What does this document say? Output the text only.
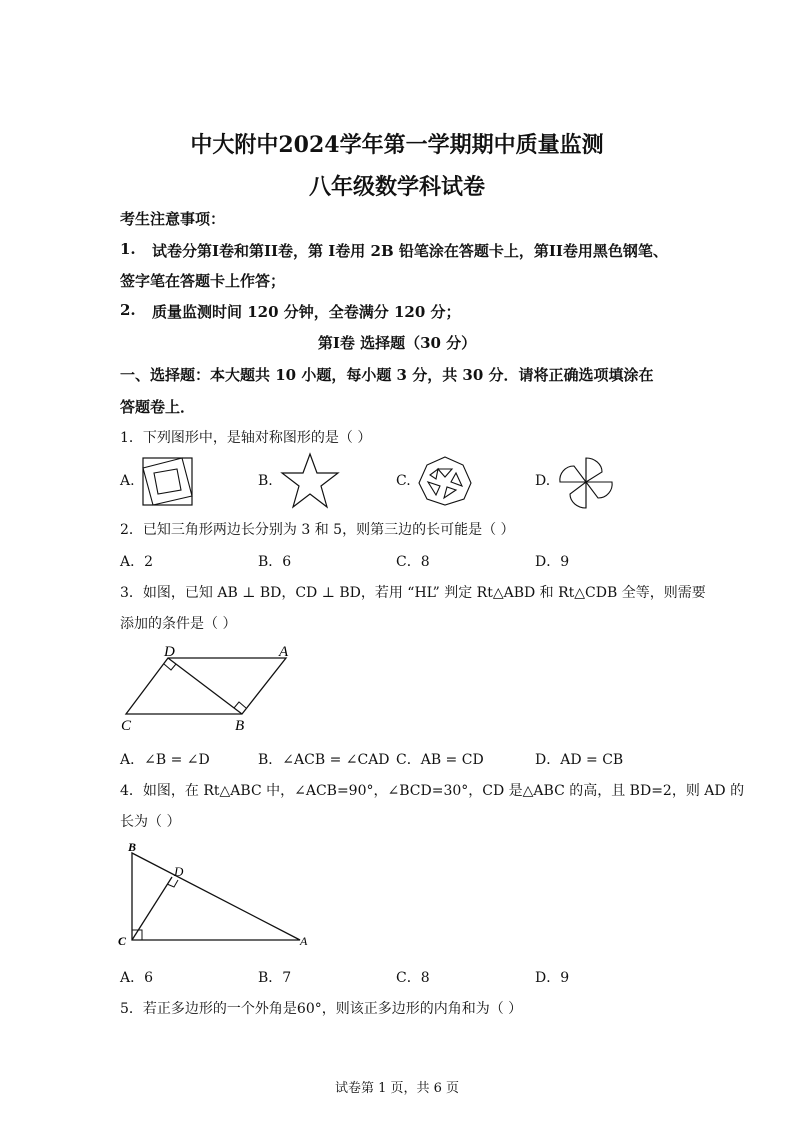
中大附中2024学年第一学期期中质量监测
八年级数学科试卷
考生注意事项：
1. 试卷分第I卷和第II卷，第 I卷用 2B 铅笔涂在答题卡上，第II卷用黑色钢笔、
签字笔在答题卡上作答；
2. 质量监测时间 120 分钟，全卷满分 120 分；
第I卷 选择题（30 分）
一、选择题：本大题共 10 小题，每小题 3 分，共 30 分．请将正确选项填涂在
答题卷上．
1．下列图形中，是轴对称图形的是（ ）
A.	B.	C.	D.
2．已知三角形两边长分别为 3 和 5，则第三边的长可能是（ ）
A．2	B．6	C．8	D．9
3．如图，已知 AB ⊥ BD，CD ⊥ BD，若用 “HL” 判定 Rt△ABD 和 Rt△CDB 全等，则需要
添加的条件是（ ）
D	A
C	B
A．∠B = ∠D	B．∠ACB = ∠CAD C．AB = CD	D．AD = CB
4．如图，在 Rt△ABC 中，∠ACB=90°，∠BCD=30°，CD 是△ABC 的高，且 BD=2，则 AD 的
长为（ ）
B
D
C	A
A．6	B．7	C．8	D．9
5．若正多边形的一个外角是60°，则该正多边形的内角和为（ ）
试卷第 1 页，共 6 页
